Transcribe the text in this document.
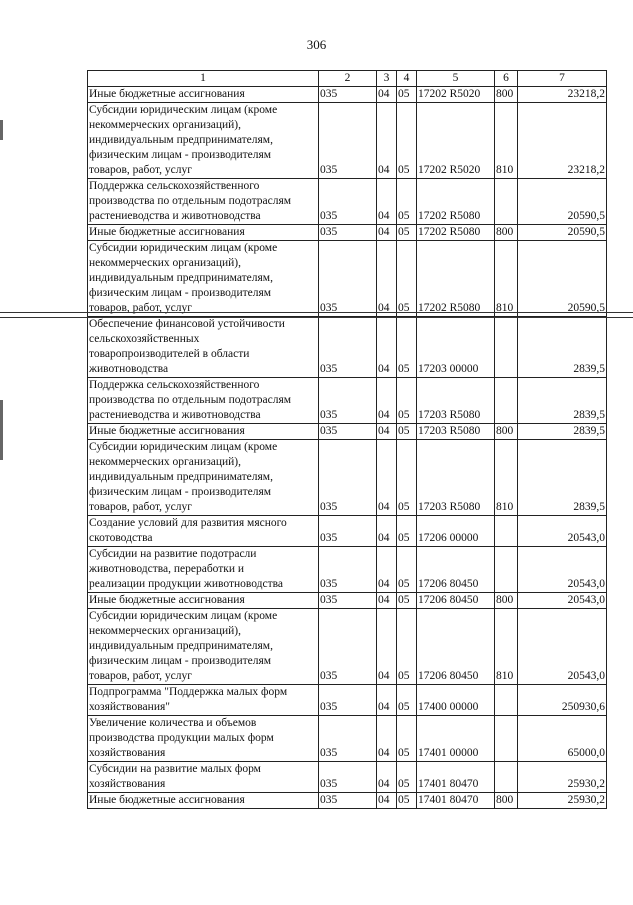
306
1	2	3	4	5	6	7
Иные бюджетные ассигнования	035	04	05	17202 R5020	800	23218,2
Субсидии юридическим лицам (кроме
некоммерческих организаций),
индивидуальным предпринимателям,
физическим лицам - производителям
товаров, работ, услуг	035	04	05	17202 R5020	810	23218,2
Поддержка сельскохозяйственного
производства по отдельным подотраслям
растениеводства и животноводства	035	04	05	17202 R5080		20590,5
Иные бюджетные ассигнования	035	04	05	17202 R5080	800	20590,5
Субсидии юридическим лицам (кроме
некоммерческих организаций),
индивидуальным предпринимателям,
физическим лицам - производителям
товаров, работ, услуг	035	04	05	17202 R5080	810	20590,5
Обеспечение финансовой устойчивости
сельскохозяйственных
товаропроизводителей в области
животноводства	035	04	05	17203 00000		2839,5
Поддержка сельскохозяйственного
производства по отдельным подотраслям
растениеводства и животноводства	035	04	05	17203 R5080		2839,5
Иные бюджетные ассигнования	035	04	05	17203 R5080	800	2839,5
Субсидии юридическим лицам (кроме
некоммерческих организаций),
индивидуальным предпринимателям,
физическим лицам - производителям
товаров, работ, услуг	035	04	05	17203 R5080	810	2839,5
Создание условий для развития мясного
скотоводства	035	04	05	17206 00000		20543,0
Субсидии на развитие подотрасли
животноводства, переработки и
реализации продукции животноводства	035	04	05	17206 80450		20543,0
Иные бюджетные ассигнования	035	04	05	17206 80450	800	20543,0
Субсидии юридическим лицам (кроме
некоммерческих организаций),
индивидуальным предпринимателям,
физическим лицам - производителям
товаров, работ, услуг	035	04	05	17206 80450	810	20543,0
Подпрограмма "Поддержка малых форм
хозяйствования"	035	04	05	17400 00000		250930,6
Увеличение количества и объемов
производства продукции малых форм
хозяйствования	035	04	05	17401 00000		65000,0
Субсидии на развитие малых форм
хозяйствования	035	04	05	17401 80470		25930,2
Иные бюджетные ассигнования	035	04	05	17401 80470	800	25930,2
